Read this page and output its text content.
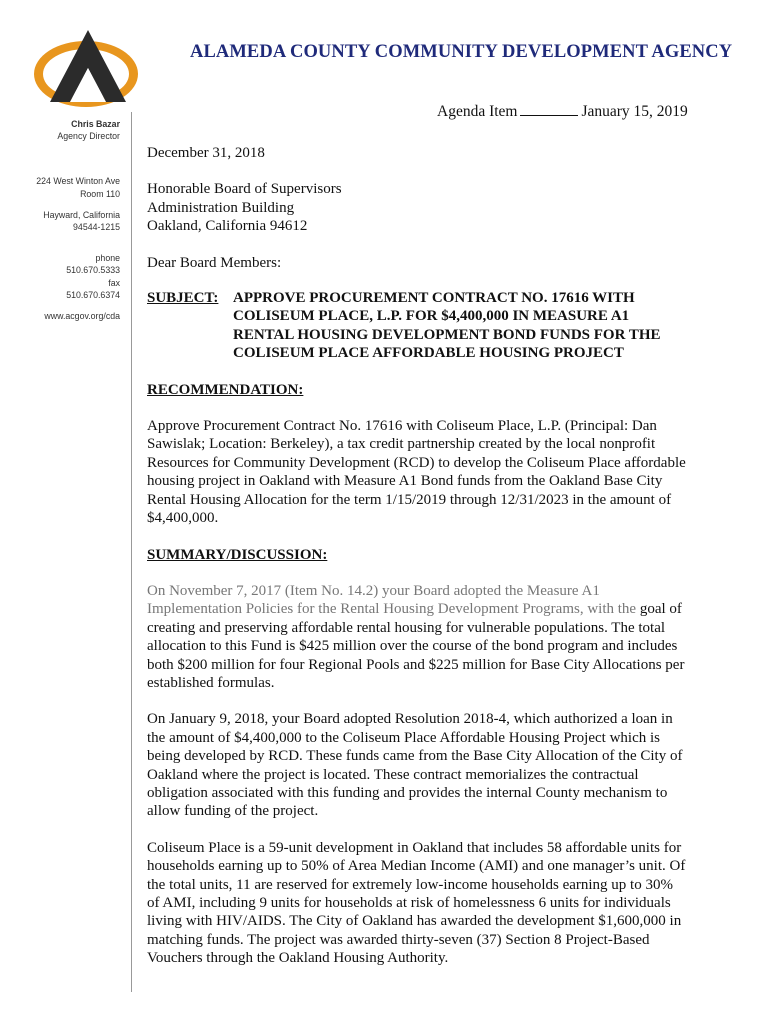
ALAMEDA COUNTY COMMUNITY DEVELOPMENT AGENCY
Chris Bazar
Agency Director
224 West Winton Ave
Room 110
Hayward, California
94544-1215
phone
510.670.5333
fax
510.670.6374
www.acgov.org/cda
Agenda Item	January 15, 2019

December 31, 2018

Honorable Board of Supervisors

Administration Building

Oakland, California 94612

Dear Board Members:

SUBJECT: APPROVE PROCUREMENT CONTRACT NO. 17616 WITH COLISEUM PLACE, L.P. FOR $4,400,000 IN MEASURE A1 RENTAL HOUSING DEVELOPMENT BOND FUNDS FOR THE COLISEUM PLACE AFFORDABLE HOUSING PROJECT

RECOMMENDATION:

Approve Procurement Contract No. 17616 with Coliseum Place, L.P. (Principal: Dan Sawislak; Location: Berkeley), a tax credit partnership created by the local nonprofit Resources for Community Development (RCD) to develop the Coliseum Place affordable housing project in Oakland with Measure A1 Bond funds from the Oakland Base City Rental Housing Allocation for the term 1/15/2019 through 12/31/2023 in the amount of $4,400,000.

SUMMARY/DISCUSSION:

On November 7, 2017 (Item No. 14.2) your Board adopted the Measure A1 Implementation Policies for the Rental Housing Development Programs, with the goal of creating and preserving affordable rental housing for vulnerable populations. The total allocation to this Fund is $425 million over the course of the bond program and includes both $200 million for four Regional Pools and $225 million for Base City Allocations per established formulas.

On January 9, 2018, your Board adopted Resolution 2018-4, which authorized a loan in the amount of $4,400,000 to the Coliseum Place Affordable Housing Project which is being developed by RCD. These funds came from the Base City Allocation of the City of Oakland where the project is located. These contract memorializes the contractual obligation associated with this funding and provides the internal County mechanism to allow funding of the project.

Coliseum Place is a 59-unit development in Oakland that includes 58 affordable units for households earning up to 50% of Area Median Income (AMI) and one manager’s unit. Of the total units, 11 are reserved for extremely low-income households earning up to 30% of AMI, including 9 units for households at risk of homelessness 6 units for individuals living with HIV/AIDS. The City of Oakland has awarded the development $1,600,000 in matching funds. The project was awarded thirty-seven (37) Section 8 Project-Based Vouchers through the Oakland Housing Authority.
